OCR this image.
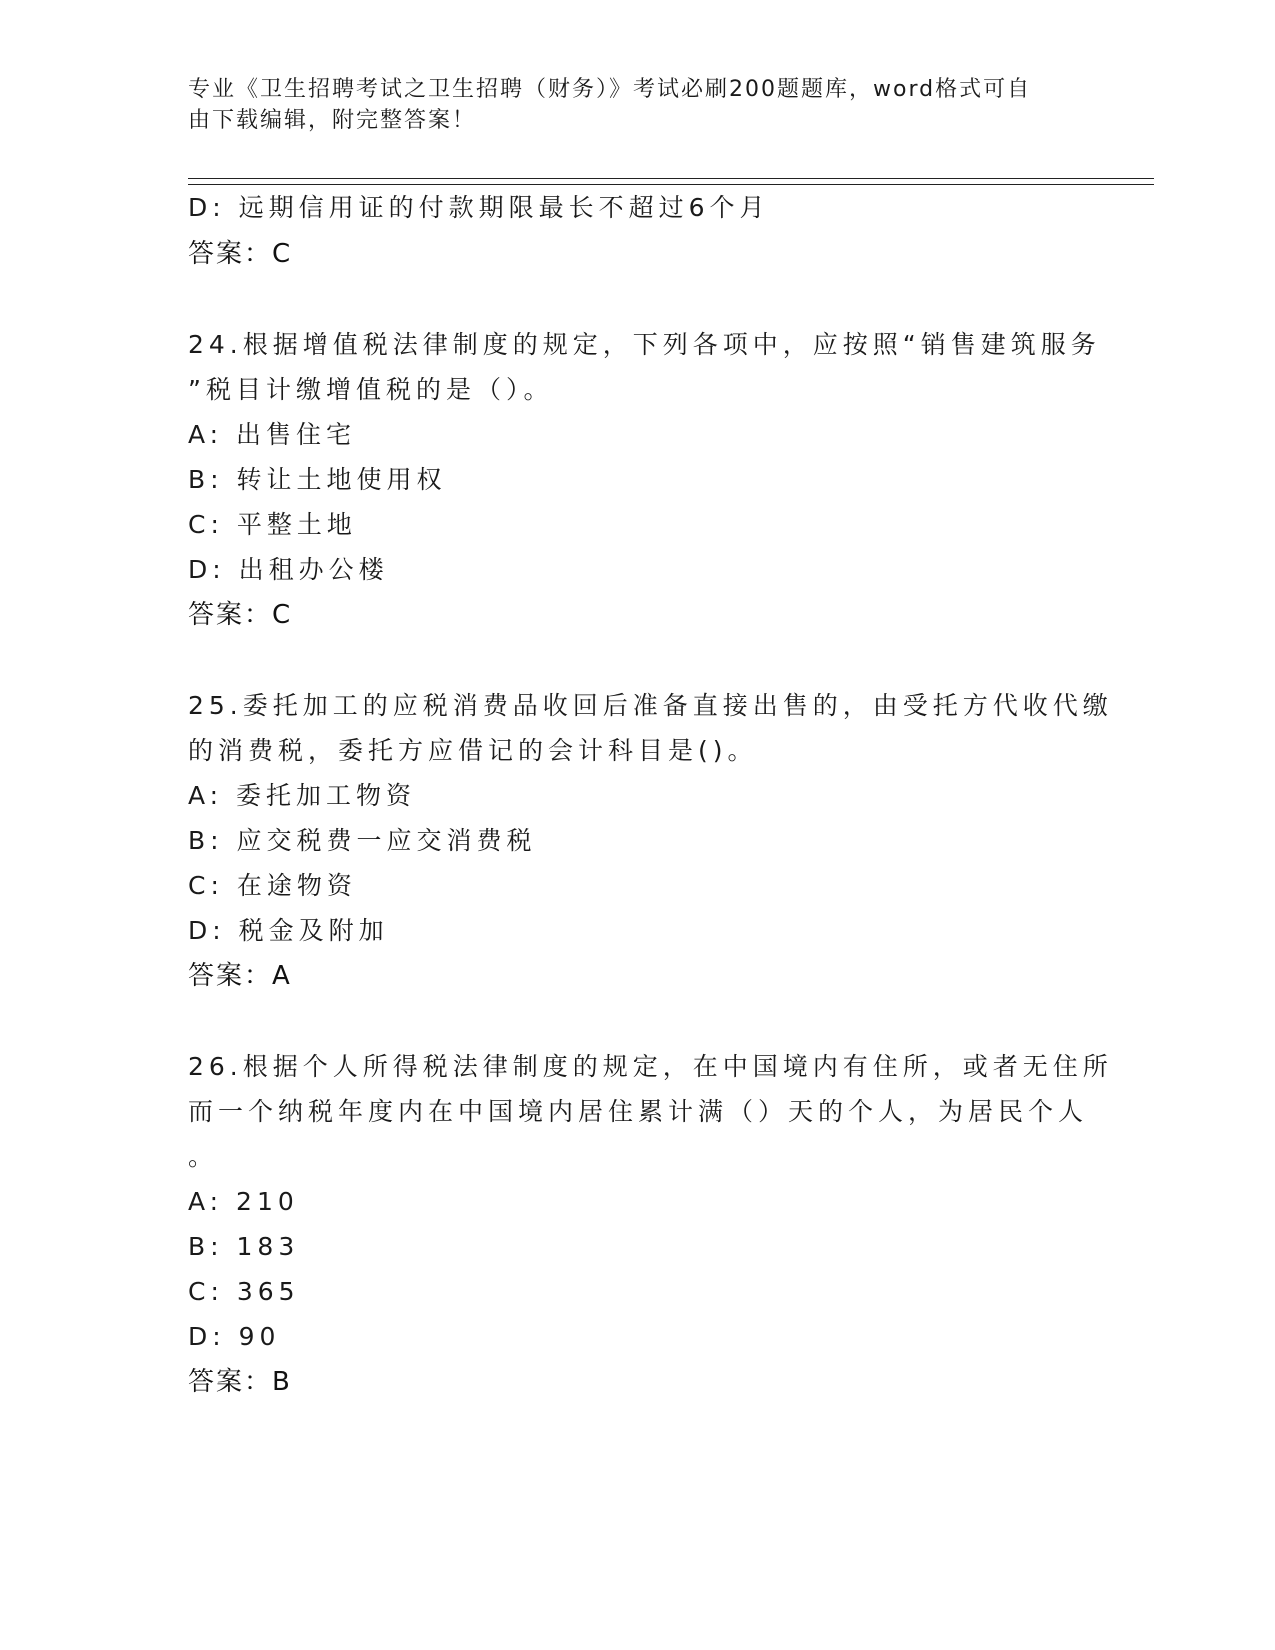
专业《卫生招聘考试之卫生招聘（财务）》考试必刷200题题库，word格式可自
由下载编辑，附完整答案！
D: 远期信用证的付款期限最长不超过6个月
答案：C
24.根据增值税法律制度的规定，下列各项中，应按照“销售建筑服务
”税目计缴增值税的是（）。
A: 出售住宅
B: 转让土地使用权
C: 平整土地
D: 出租办公楼
答案：C
25.委托加工的应税消费品收回后准备直接出售的，由受托方代收代缴
的消费税，委托方应借记的会计科目是()。
A: 委托加工物资
B: 应交税费一应交消费税
C: 在途物资
D: 税金及附加
答案：A
26.根据个人所得税法律制度的规定，在中国境内有住所，或者无住所
而一个纳税年度内在中国境内居住累计满（）天的个人，为居民个人
。
A: 210
B: 183
C: 365
D: 90
答案：B
